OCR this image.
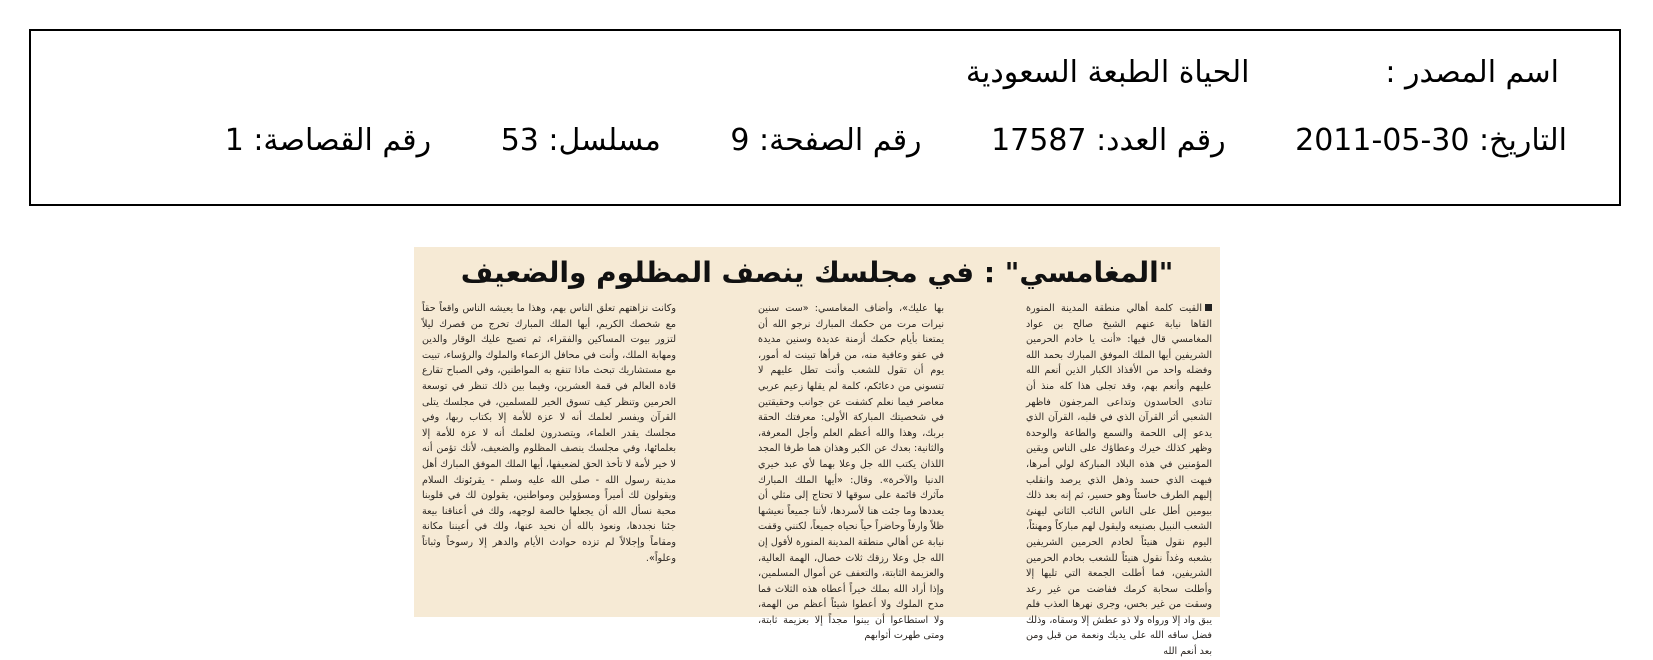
اسم المصدر : الحياة الطبعة السعودية
التاريخ: 2011-05-30 رقم العدد: 17587 رقم الصفحة: 9 مسلسل: 53 رقم القصاصة: 1
"المغامسي" : في مجلسك ينصف المظلوم والضعيف

القيت كلمة أهالي منطقة المدينة المنورة القاها نيابة عنهم الشيخ صالح بن عواد المغامسي قال فيها: «أنت يا خادم الحرمين الشريفين أيها الملك الموفق المبارك بحمد الله وفضله واحد من الأفذاذ الكبار الذين أنعم الله عليهم وأنعم بهم، وقد تجلى هذا كله منذ أن تنادى الحاسدون وتداعى المرجفون فاظهر الشعبي أثر القرآن الذي في قلبه، القرآن الذي يدعو إلى اللحمة والسمع والطاعة والوحدة وظهر كذلك خيرك وعطاؤك على الناس ويقين المؤمنين في هذه البلاد المباركة لولي أمرها، فبهت الذي حسد وذهل الذي يرصد وانقلب إليهم الطرف خاسئاً وهو حسير، ثم إنه بعد ذلك بيومين أطل على الناس النائب الثاني ليهنئ الشعب النبيل بصنيعه وليقول لهم مباركاً ومهنئاً، اليوم نقول هنيئاً لخادم الحرمين الشريفين بشعبه وغداً نقول هنيئاً للشعب بخادم الحرمين الشريفين، فما أطلت الجمعة التي تليها إلا وأطلت سحابة كرمك ففاضت من غير رعد وسقت من غير بخس، وجرى نهرها العذب فلم يبق واد إلا ورواه ولا ذو عطش إلا وسقاه، وذلك فضل ساقه الله على يديك ونعمة من قبل ومن بعد أنعم الله

بها عليك»، وأضاف المغامسي: «ست سنين نيرات مرت من حكمك المبارك نرجو الله أن يمتعنا بأيام حكمك أزمنة عديدة وسنين مديدة في عفو وعافية منه، من قرأها تبينت له أمور، يوم أن تقول للشعب وأنت تطل عليهم لا تنسوني من دعائكم، كلمة لم يقلها زعيم عربي معاصر فيما نعلم كشفت عن جوانب وحقيقتين في شخصيتك المباركة الأولى: معرفتك الحقة بربك، وهذا والله أعظم العلم وأجل المعرفة، والثانية: بعدك عن الكبر وهذان هما طرفا المجد اللذان يكتب الله جل وعلا بهما لأي عبد خيري الدنيا والآخرة». وقال: «أيها الملك المبارك مآثرك قائمة على سوقها لا تحتاج إلى مثلي أن يعددها وما جئت هنا لأسردها، لأننا جميعاً نعيشها ظلاً وارفاً وحاضراً حياً نحياه جميعاً، لكنني وقفت نيابة عن أهالي منطقة المدينة المنورة لأقول إن الله جل وعلا رزقك ثلاث خصال، الهمة العالية، والعزيمة الثابتة، والتعفف عن أموال المسلمين، وإذا أراد الله بملك خيراً أعطاه هذه الثلاث فما مدح الملوك ولا أعطوا شيئاً أعظم من الهمة، ولا استطاعوا أن يبنوا مجداً إلا بعزيمة ثابتة، ومتى طهرت أثوابهم

وكانت نزاهتهم تعلق الناس بهم، وهذا ما يعيشه الناس واقعاً حقاً مع شخصك الكريم، أيها الملك المبارك تخرج من قصرك ليلاً لتزور بيوت المساكين والفقراء، ثم تصبح عليك الوقار والدين ومهابة الملك، وأنت في محافل الزعماء والملوك والرؤساء، تبيت مع مستشاريك تبحث ماذا تنفع به المواطنين، وفي الصباح تقارع قادة العالم في قمة العشرين، وفيما بين ذلك تنظر في توسعة الحرمين وتنظر كيف تسوق الخير للمسلمين، في مجلسك يتلى القرآن ويفسر لعلمك أنه لا عزة للأمة إلا بكتاب ربها، وفي مجلسك يقدر العلماء، ويتصدرون لعلمك أنه لا عزة للأمة إلا بعلمائها، وفي مجلسك ينصف المظلوم والضعيف، لأنك تؤمن أنه لا خير لأمة لا تأخذ الحق لضعيفها، أيها الملك الموفق المبارك أهل مدينة رسول الله - صلى الله عليه وسلم - يقرئونك السلام ويقولون لك أميراً ومسؤولين ومواطنين، يقولون لك في قلوبنا محبة نسأل الله أن يجعلها خالصة لوجهه، ولك في أعناقنا بيعة جئنا نجددها، ونعوذ بالله أن نحيد عنها، ولك في أعيننا مكانة ومقاماً وإجلالاً لم تزده حوادث الأيام والدهر إلا رسوخاً وثباتاً وعلواً».
